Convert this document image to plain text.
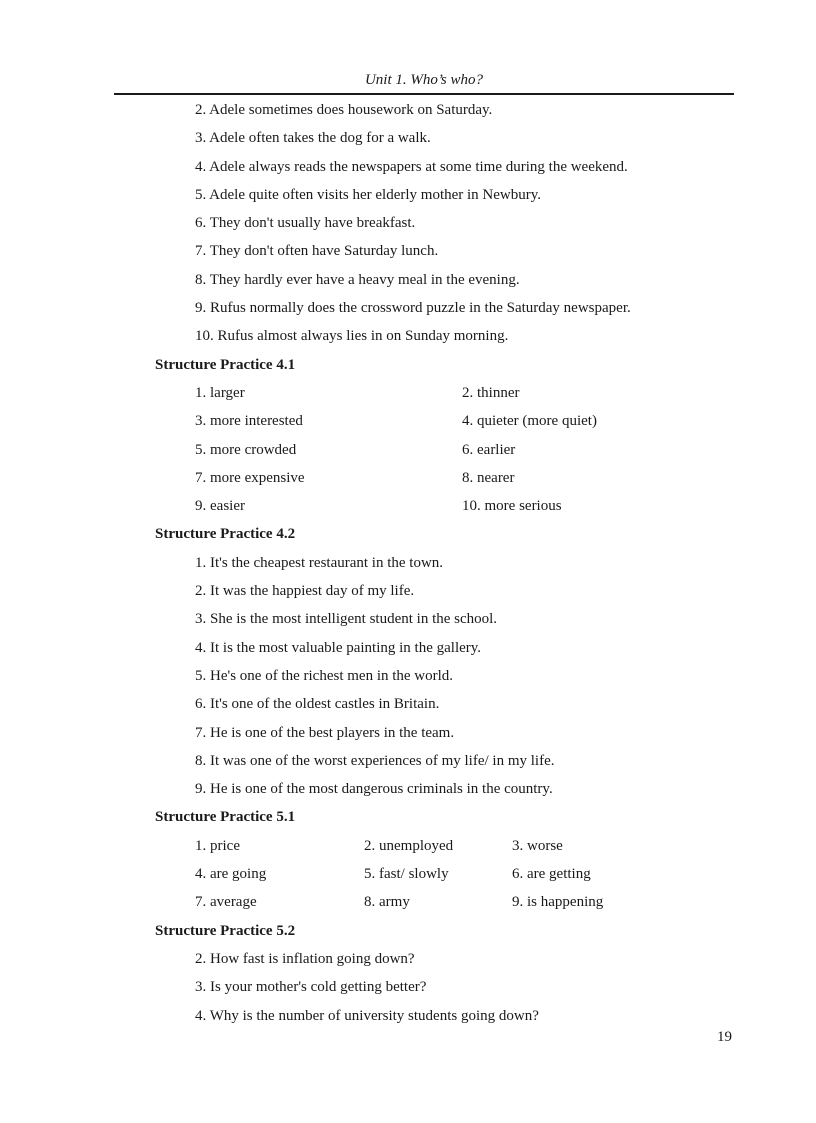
Unit 1. Who’s who?
2. Adele sometimes does housework on Saturday.
3. Adele often takes the dog for a walk.
4. Adele always reads the newspapers at some time during the weekend.
5. Adele quite often visits her elderly mother in Newbury.
6. They don't usually have breakfast.
7. They don't often have Saturday lunch.
8. They hardly ever have a heavy meal in the evening.
9. Rufus normally does the crossword puzzle in the Saturday newspaper.
10. Rufus almost always lies in on Sunday morning.
Structure Practice 4.1
1. larger	2. thinner
3. more interested	4. quieter (more quiet)
5. more crowded	6. earlier
7. more expensive	8. nearer
9. easier	10. more serious
Structure Practice 4.2
1. It's the cheapest restaurant in the town.
2. It was the happiest day of my life.
3. She is the most intelligent student in the school.
4. It is the most valuable painting in the gallery.
5. He's one of the richest men in the world.
6. It's one of the oldest castles in Britain.
7. He is one of the best players in the team.
8. It was one of the worst experiences of my life/ in my life.
9. He is one of the most dangerous criminals in the country.
Structure Practice 5.1
1. price	2. unemployed	3. worse
4. are going	5. fast/ slowly	6. are getting
7. average	8. army	9. is happening
Structure Practice 5.2
2. How fast is inflation going down?
3. Is your mother's cold getting better?
4. Why is the number of university students going down?
19
